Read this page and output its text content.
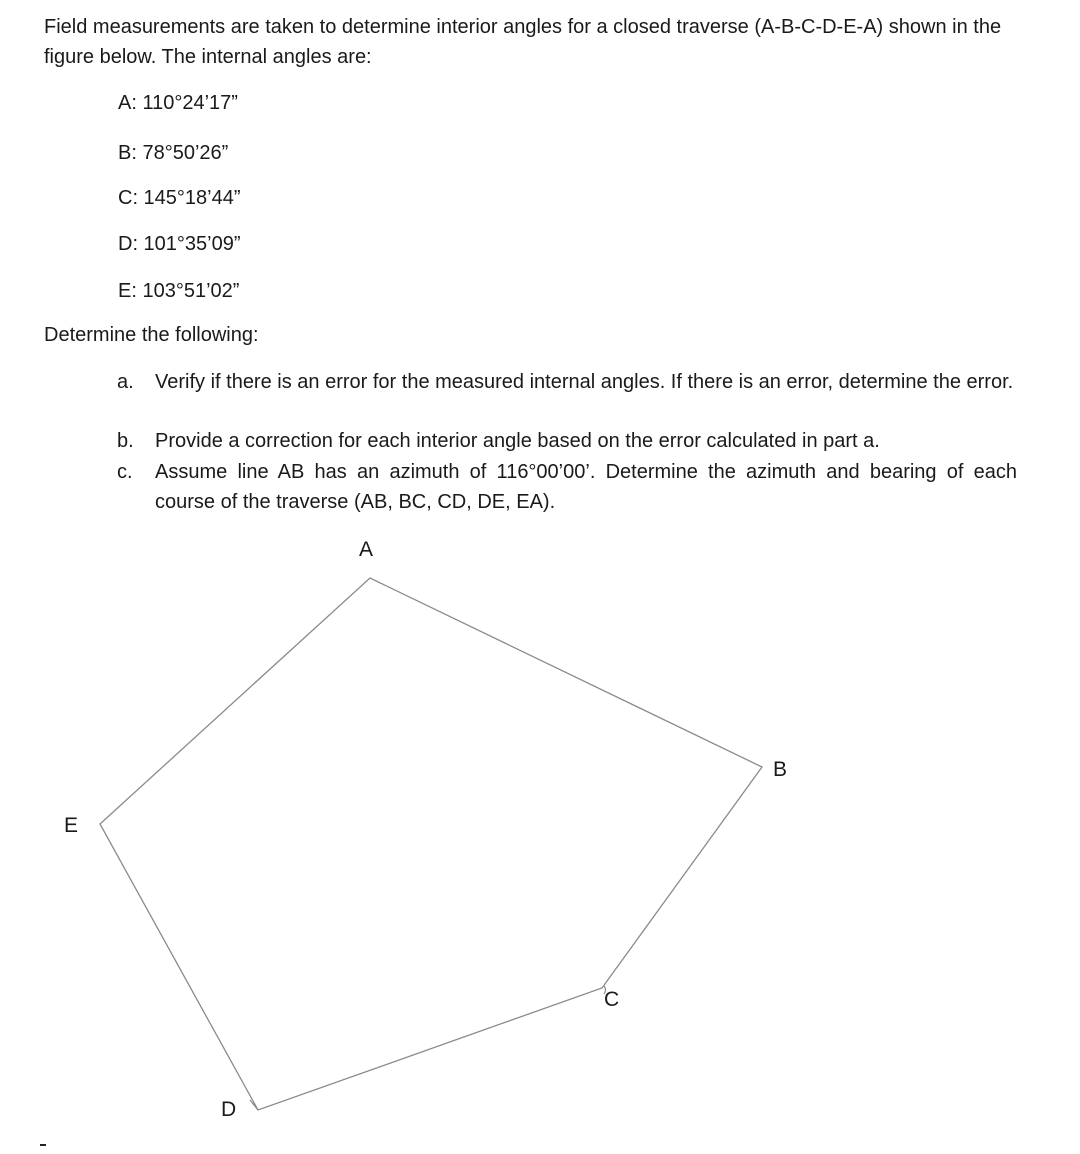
Field measurements are taken to determine interior angles for a closed traverse (A-B-C-D-E-A) shown in the figure below. The internal angles are:

A: 110°24’17”

B: 78°50’26”

C: 145°18’44”

D: 101°35’09”

E: 103°51’02”

Determine the following:

a.	Verify if there is an error for the measured internal angles. If there is an error, determine the error.
b.	Provide a correction for each interior angle based on the error calculated in part a.
c.	Assume line AB has an azimuth of 116°00’00’. Determine the azimuth and bearing of each course of the traverse (AB, BC, CD, DE, EA).
A
B
C
D
E
